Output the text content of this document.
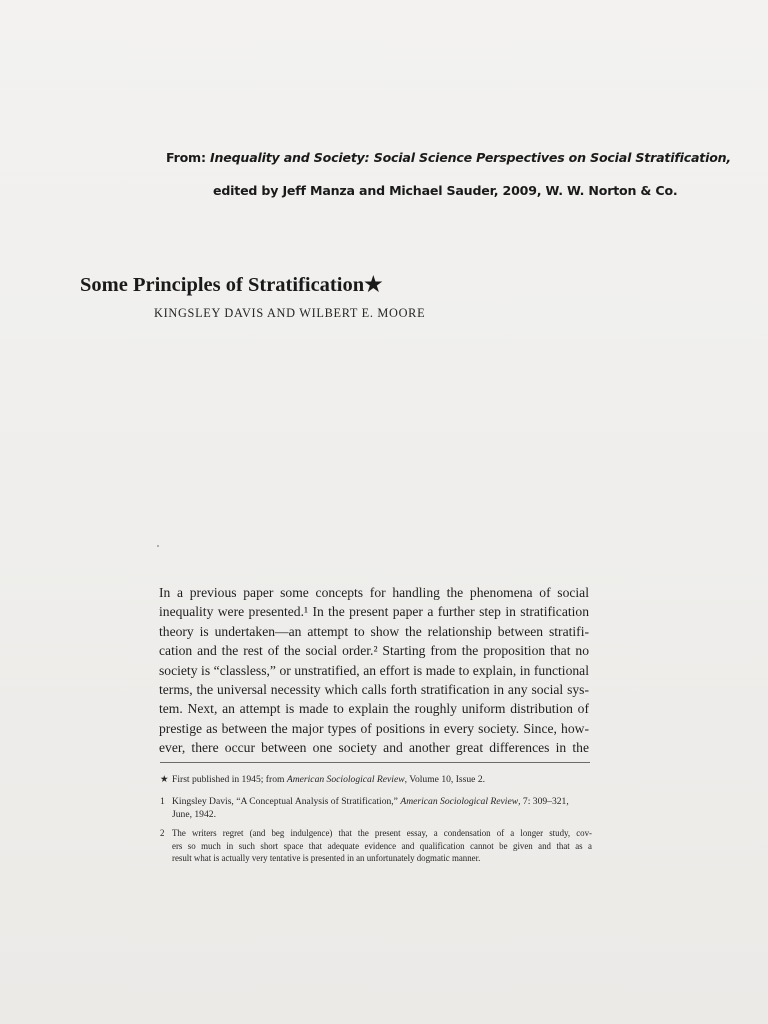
From: Inequality and Society: Social Science Perspectives on Social Stratification,
edited by Jeff Manza and Michael Sauder, 2009, W. W. Norton & Co.
Some Principles of Stratification★
KINGSLEY DAVIS AND WILBERT E. MOORE
In a previous paper some concepts for handling the phenomena of social
inequality were presented.¹ In the present paper a further step in stratification
theory is undertaken—an attempt to show the relationship between stratifi-
cation and the rest of the social order.² Starting from the proposition that no
society is “classless,” or unstratified, an effort is made to explain, in functional
terms, the universal necessity which calls forth stratification in any social sys-
tem. Next, an attempt is made to explain the roughly uniform distribution of
prestige as between the major types of positions in every society. Since, how-
ever, there occur between one society and another great differences in the
★ First published in 1945; from American Sociological Review, Volume 10, Issue 2.
1 Kingsley Davis, “A Conceptual Analysis of Stratification,” American Sociological Review, 7: 309–321,
June, 1942.
2 The writers regret (and beg indulgence) that the present essay, a condensation of a longer study, cov-
ers so much in such short space that adequate evidence and qualification cannot be given and that as a
result what is actually very tentative is presented in an unfortunately dogmatic manner.
